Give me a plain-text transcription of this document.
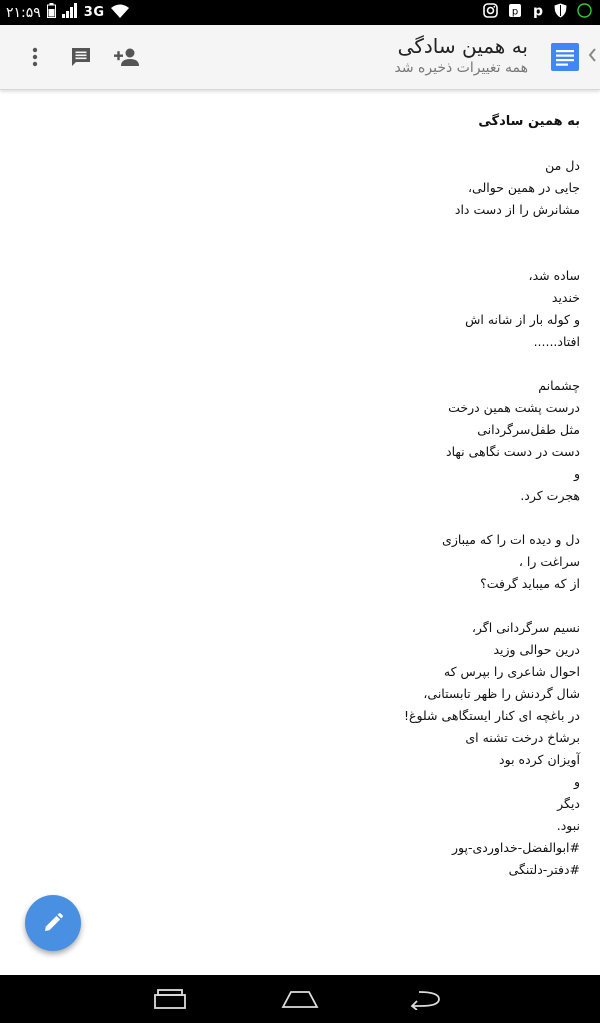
۲۱:۵۹	3G	p p
به همین سادگی
همه تغییرات ذخیره شد
به همین سادگی
دل من
جایی در همین حوالی،
مشانرش را از دست داد
ساده شد،
خندید
و کوله بار از شانه اش
افتاد......
چشمانم
درست پشت همین درخت
مثل طفل‌سرگردانی
دست در دست نگاهی نهاد
و
هجرت کرد.
دل و دیده ات را که میبازی
سراغت را ،
از که میباید گرفت؟
نسیم سرگردانی اگر،
درین حوالی وزید
احوال شاعری را بپرس که
شال گردنش را ظهر تابستانی،
در باغچه ای کنار ایستگاهی شلوغ!
برشاخ درخت تشنه ای
آویزان کرده بود
و
دیگر
نبود.
#ابوالفضل-خداوردی-پور
#دفتر-دلتنگی
